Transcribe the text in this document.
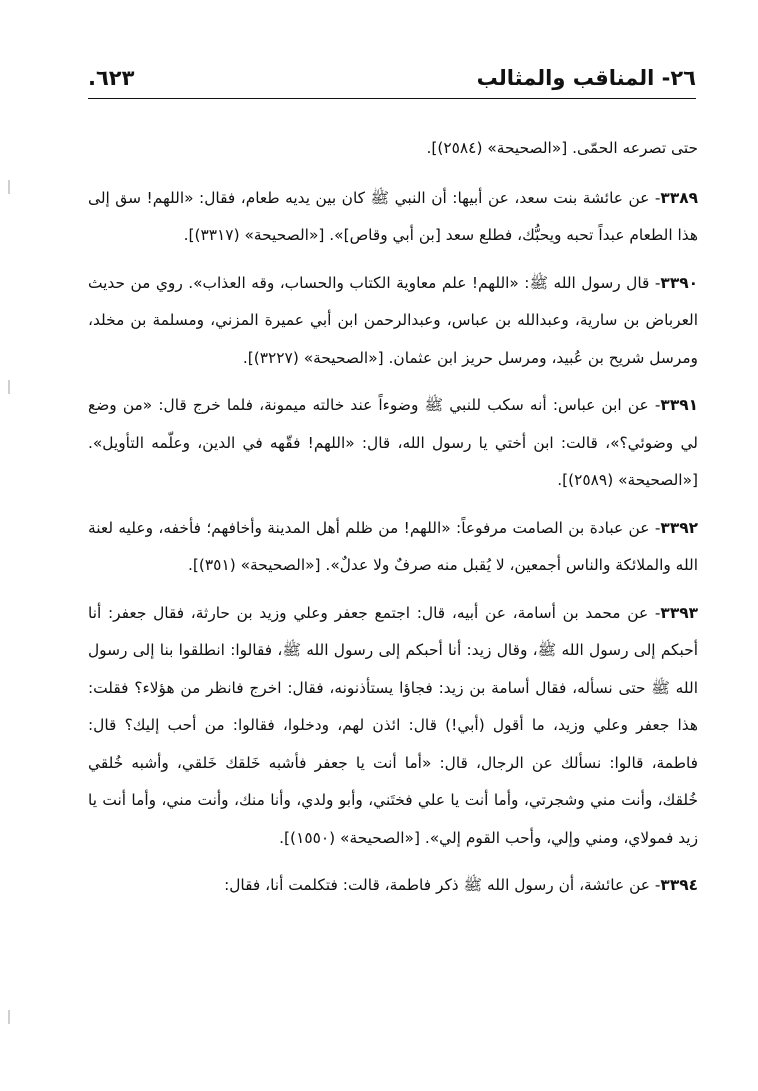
٢٦- المناقب والمثالب
٦٢٣.

حتى تصرعه الحمّى. [«الصحيحة» (٢٥٨٤)].

٣٣٨٩- عن عائشة بنت سعد، عن أبيها: أن النبي ﷺ كان بين يديه طعام، فقال: «اللهم! سق إلى هذا الطعام عبداً تحبه ويحبُّك، فطلع سعد [بن أبي وقاص]». [«الصحيحة» (٣٣١٧)].

٣٣٩٠- قال رسول الله ﷺ: «اللهم! علم معاوية الكتاب والحساب، وقه العذاب». روي من حديث العرباض بن سارية، وعبدالله بن عباس، وعبدالرحمن ابن أبي عميرة المزني، ومسلمة بن مخلد، ومرسل شريح بن عُبيد، ومرسل حريز ابن عثمان. [«الصحيحة» (٣٢٢٧)].

٣٣٩١- عن ابن عباس: أنه سكب للنبي ﷺ وضوءاً عند خالته ميمونة، فلما خرج قال: «من وضع لي وضوئي؟»، قالت: ابن أختي يا رسول الله، قال: «اللهم! فقّهه في الدين، وعلّمه التأويل». [«الصحيحة» (٢٥٨٩)].

٣٣٩٢- عن عبادة بن الصامت مرفوعاً: «اللهم! من ظلم أهل المدينة وأخافهم؛ فأخفه، وعليه لعنة الله والملائكة والناس أجمعين، لا يُقبل منه صرفٌ ولا عدلٌ». [«الصحيحة» (٣٥١)].

٣٣٩٣- عن محمد بن أسامة، عن أبيه، قال: اجتمع جعفر وعلي وزيد بن حارثة، فقال جعفر: أنا أحبكم إلى رسول الله ﷺ، وقال زيد: أنا أحبكم إلى رسول الله ﷺ، فقالوا: انطلقوا بنا إلى رسول الله ﷺ حتى نسأله، فقال أسامة بن زيد: فجاؤا يستأذنونه، فقال: اخرج فانظر من هؤلاء؟ فقلت: هذا جعفر وعلي وزيد، ما أقول (أبي!) قال: ائذن لهم، ودخلوا، فقالوا: من أحب إليك؟ قال: فاطمة، قالوا: نسألك عن الرجال، قال: «أما أنت يا جعفر فأشبه خَلقك خَلقي، وأشبه خُلقي خُلقك، وأنت مني وشجرتي، وأما أنت يا علي فختَني، وأبو ولدي، وأنا منك، وأنت مني، وأما أنت يا زيد فمولاي، ومني وإلي، وأحب القوم إلي». [«الصحيحة» (١٥٥٠)].

٣٣٩٤- عن عائشة، أن رسول الله ﷺ ذكر فاطمة، قالت: فتكلمت أنا، فقال:
